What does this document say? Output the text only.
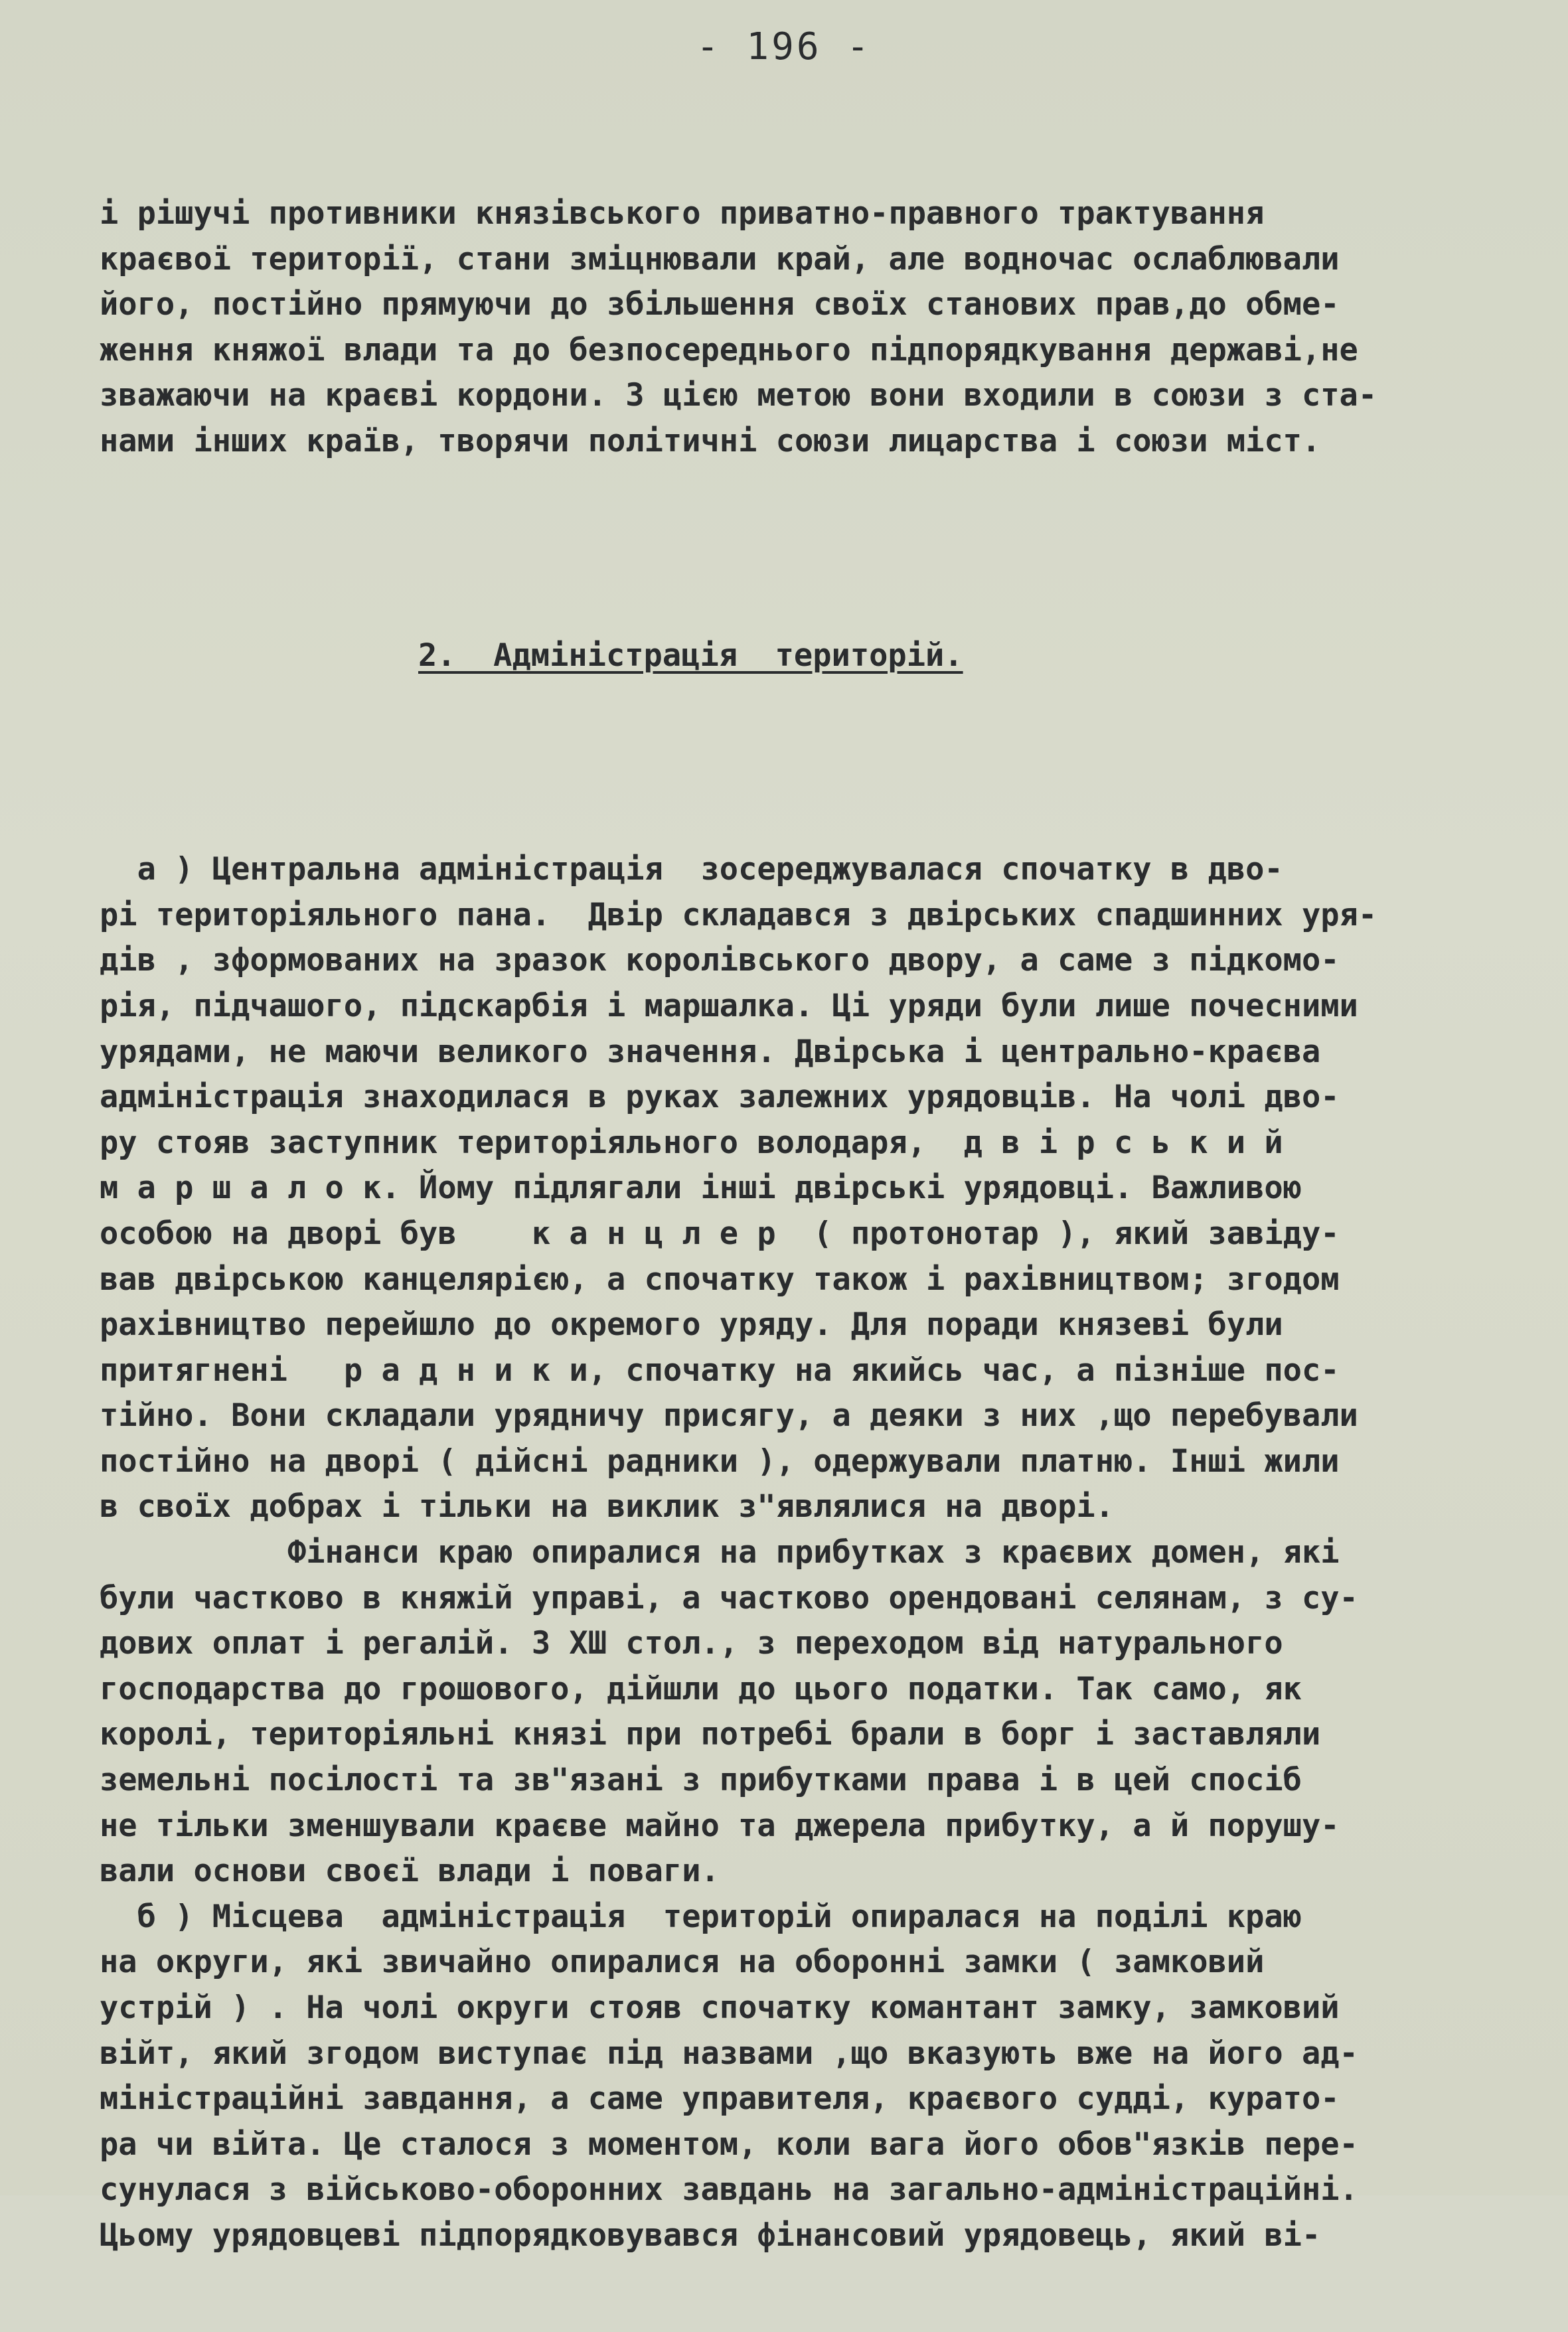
- 196 -

і рішучі противники князівського приватно-правного трактування
краєвої території, стани зміцнювали край, але водночас ослаблювали
його, постійно прямуючи до збільшення своїх станових прав,до обме-
ження княжої влади та до безпосереднього підпорядкування державі,не
зважаючи на краєві кордони. З цією метою вони входили в союзи з ста-
нами інших країв, творячи політичні союзи лицарства і союзи міст.

2.  Адміністрація  територій.

а ) Центральна адміністрація  зосереджувалася спочатку в дво-
рі територіяльного пана.  Двір складався з двірських спадшинних уря-
дів , зформованих на зразок королівського двору, а саме з підкомо-
рія, підчашого, підскарбія і маршалка. Ці уряди були лише почесними
урядами, не маючи великого значення. Двірська і центрально-краєва
адміністрація знаходилася в руках залежних урядовців. На чолі дво-
ру стояв заступник територіяльного володаря,  д в і р с ь к и й
м а р ш а л о к. Йому підлягали інші двірські урядовці. Важливою
особою на дворі був    к а н ц л е р  ( протонотар ), який завіду-
вав двірською канцелярією, а спочатку також і рахівництвом; згодом
рахівництво перейшло до окремого уряду. Для поради князеві були
притягнені   р а д н и к и, спочатку на якийсь час, а пізніше пос-
тійно. Вони складали урядничу присягу, а деяки з них ,що перебували
постійно на дворі ( дійсні радники ), одержували платню. Інші жили
в своїх добрах і тільки на виклик з"являлися на дворі.
Фінанси краю опиралися на прибутках з краєвих домен, які
були частково в княжій управі, а частково орендовані селянам, з су-
дових оплат і регалій. З ХШ стол., з переходом від натурального
господарства до грошового, дійшли до цього податки. Так само, як
королі, територіяльні князі при потребі брали в борг і заставляли
земельні посілості та зв"язані з прибутками права і в цей спосіб
не тільки зменшували краєве майно та джерела прибутку, а й порушу-
вали основи своєї влади і поваги.
б ) Місцева  адміністрація  територій опиралася на поділі краю
на округи, які звичайно опиралися на оборонні замки ( замковий
устрій ) . На чолі округи стояв спочатку комантант замку, замковий
війт, який згодом виступає під назвами ,що вказують вже на його ад-
міністраційні завдання, а саме управителя, краєвого судді, курато-
ра чи війта. Це сталося з моментом, коли вага його обов"язків пере-
сунулася з військово-оборонних завдань на загально-адміністраційні.
Цьому урядовцеві підпорядковувався фінансовий урядовець, який ві-
